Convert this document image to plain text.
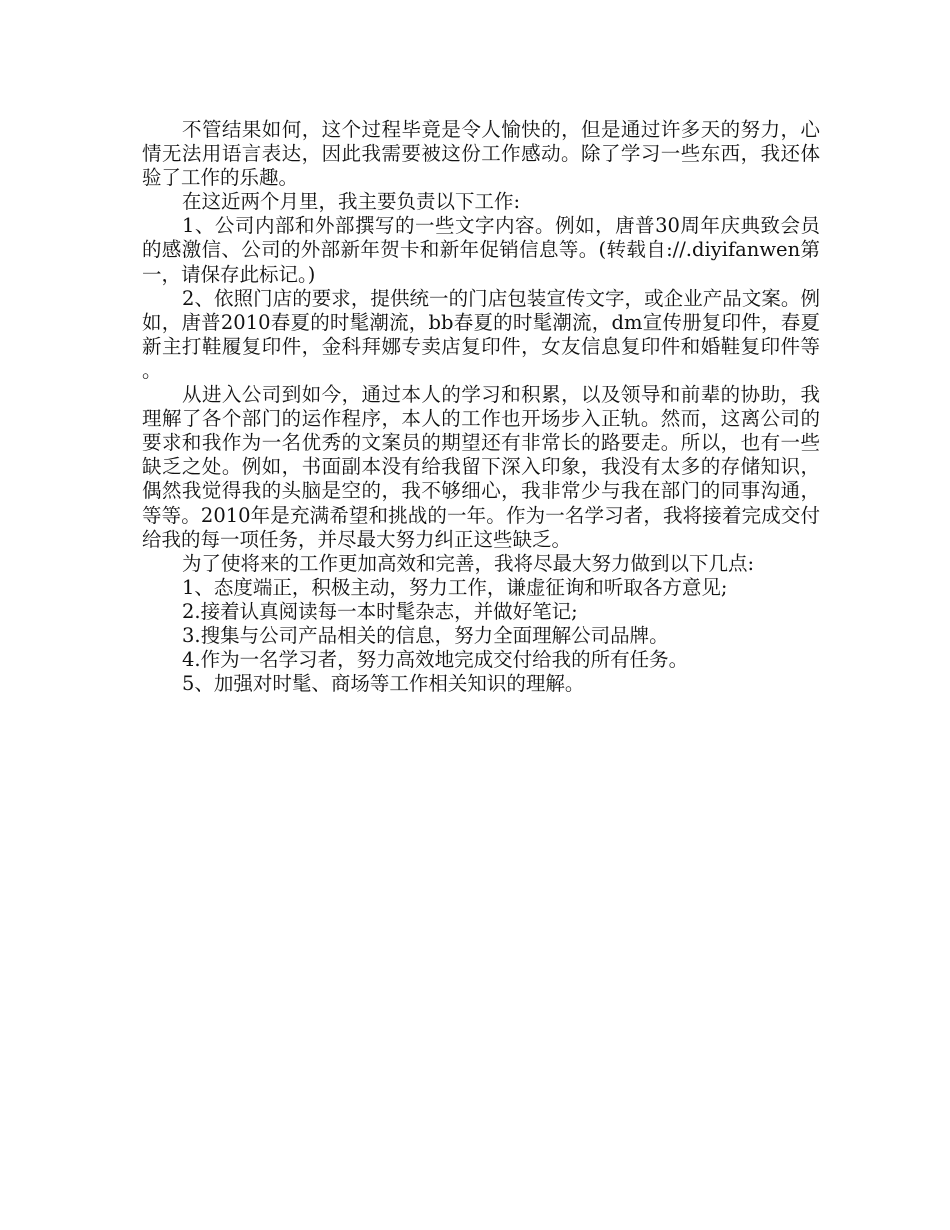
不管结果如何，这个过程毕竟是令人愉快的，但是通过许多天的努力，心情无法用语言表达，因此我需要被这份工作感动。除了学习一些东西，我还体验了工作的乐趣。

在这近两个月里，我主要负责以下工作:

1、公司内部和外部撰写的一些文字内容。例如，唐普30周年庆典致会员的感激信、公司的外部新年贺卡和新年促销信息等。(转载自://.diyifanwen第一，请保存此标记。)

2、依照门店的要求，提供统一的门店包装宣传文字，或企业产品文案。例如，唐普2010春夏的时髦潮流，bb春夏的时髦潮流，dm宣传册复印件，春夏新主打鞋履复印件，金科拜娜专卖店复印件，女友信息复印件和婚鞋复印件等。

从进入公司到如今，通过本人的学习和积累，以及领导和前辈的协助，我理解了各个部门的运作程序，本人的工作也开场步入正轨。然而，这离公司的要求和我作为一名优秀的文案员的期望还有非常长的路要走。所以，也有一些缺乏之处。例如，书面副本没有给我留下深入印象，我没有太多的存储知识，偶然我觉得我的头脑是空的，我不够细心，我非常少与我在部门的同事沟通，等等。2010年是充满希望和挑战的一年。作为一名学习者，我将接着完成交付给我的每一项任务，并尽最大努力纠正这些缺乏。

为了使将来的工作更加高效和完善，我将尽最大努力做到以下几点:

1、态度端正，积极主动，努力工作，谦虚征询和听取各方意见;

2.接着认真阅读每一本时髦杂志，并做好笔记;

3.搜集与公司产品相关的信息，努力全面理解公司品牌。

4.作为一名学习者，努力高效地完成交付给我的所有任务。

5、加强对时髦、商场等工作相关知识的理解。
